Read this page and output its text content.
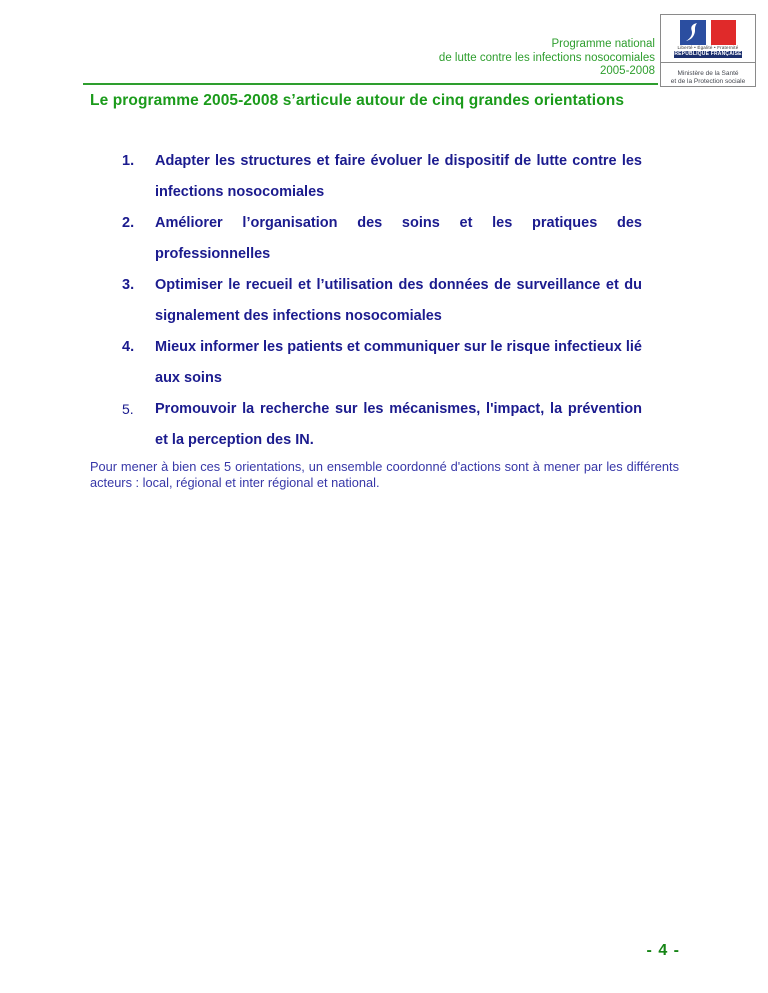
Programme national
de lutte contre les infections nosocomiales
2005-2008
Liberté • Égalité • Fraternité
RÉPUBLIQUE FRANÇAISE
Ministère de la Santé
et de la Protection sociale
Le programme 2005-2008 s’articule autour de cinq grandes orientations
1.	Adapter les structures et faire évoluer le dispositif de lutte contre les infections nosocomiales
2.	Améliorer l’organisation des soins et les pratiques des professionnelles
3.	Optimiser le recueil et l’utilisation des données de surveillance et du signalement des infections nosocomiales
4.	Mieux informer les patients et communiquer sur le risque infectieux lié aux soins
5.	Promouvoir la recherche sur les mécanismes, l'impact, la prévention et la perception des IN.
Pour mener à bien ces 5 orientations, un ensemble coordonné d'actions sont à mener par les différents acteurs : local, régional et inter régional et national.
- 4 -
